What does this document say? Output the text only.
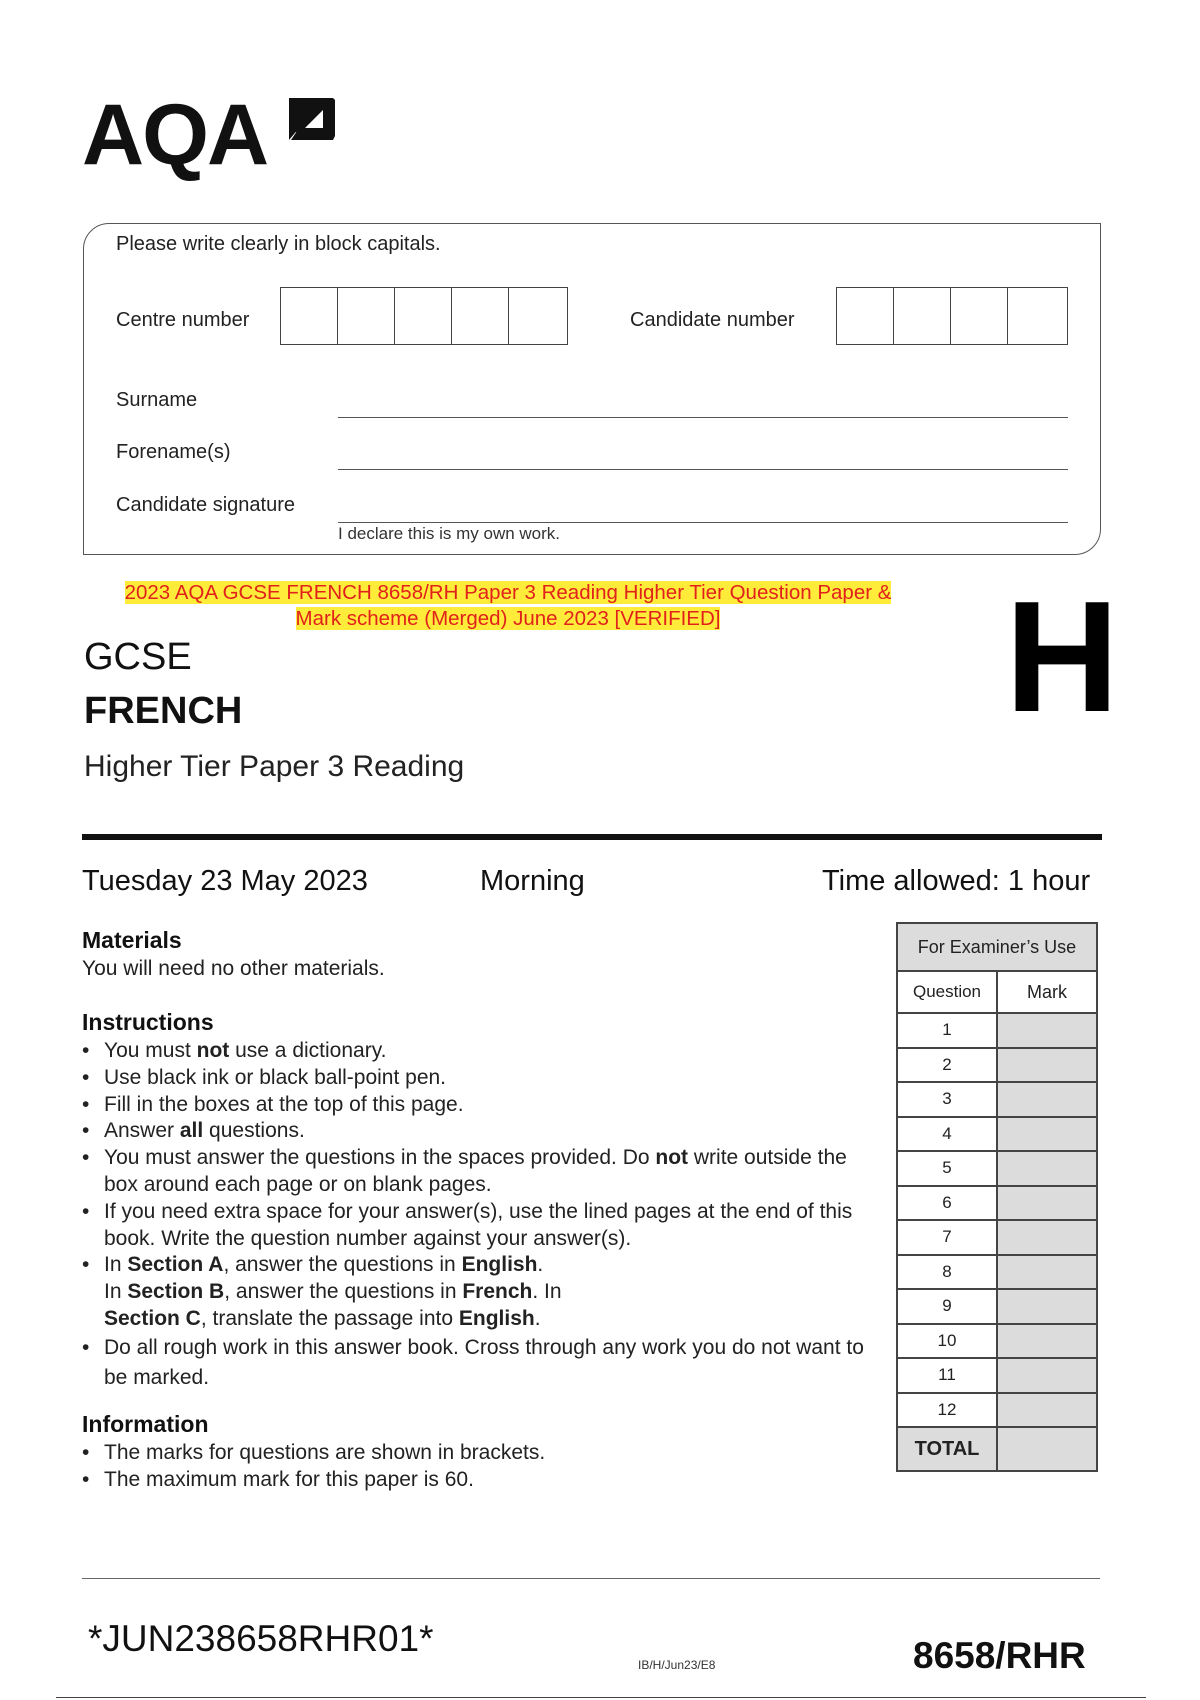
AQA
Please write clearly in block capitals.
Centre number	Candidate number
Surname
Forename(s)
Candidate signature
I declare this is my own work.
2023 AQA GCSE FRENCH 8658/RH Paper 3 Reading Higher Tier Question Paper &
Mark scheme (Merged) June 2023 [VERIFIED]	H
GCSE
FRENCH
Higher Tier Paper 3 Reading
Tuesday 23 May 2023	Morning	Time allowed: 1 hour
Materials
You will need no other materials.
Instructions
• You must not use a dictionary.
• Use black ink or black ball-point pen.
• Fill in the boxes at the top of this page.
• Answer all questions.
• You must answer the questions in the spaces provided. Do not write outside the box around each page or on blank pages.
• If you need extra space for your answer(s), use the lined pages at the end of this book. Write the question number against your answer(s).
• In Section A, answer the questions in English.
In Section B, answer the questions in French. In
Section C, translate the passage into English.
• Do all rough work in this answer book. Cross through any work you do not want to be marked.
Information
• The marks for questions are shown in brackets.
• The maximum mark for this paper is 60.
For Examiner’s Use
Question	Mark
1
2
3
4
5
6
7
8
9
10
11
12
TOTAL
*JUN238658RHR01*
IB/H/Jun23/E8	8658/RHR
